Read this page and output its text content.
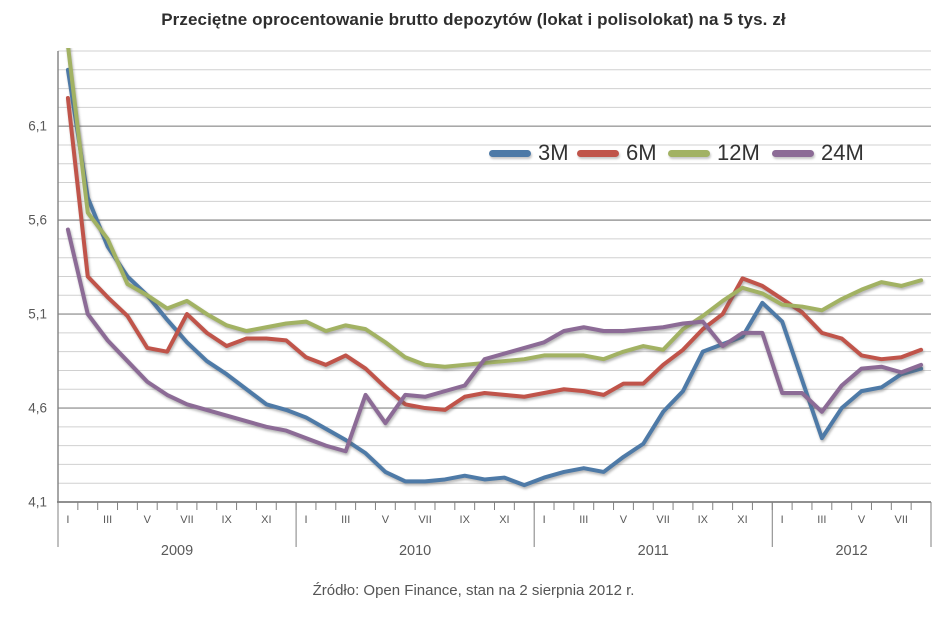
Przeciętne oprocentowanie brutto depozytów (lokat i polisolokat) na 5 tys. zł
6,1
5,6
5,1
4,6
4,1
I	III	V	VII	IX	XI	I	III	V	VII	IX	XI	I	III	V	VII	IX	XI	I	III	V	VII
2009	2010	2011	2012
3M	6M	12M	24M
Źródło: Open Finance, stan na 2 sierpnia 2012 r.
